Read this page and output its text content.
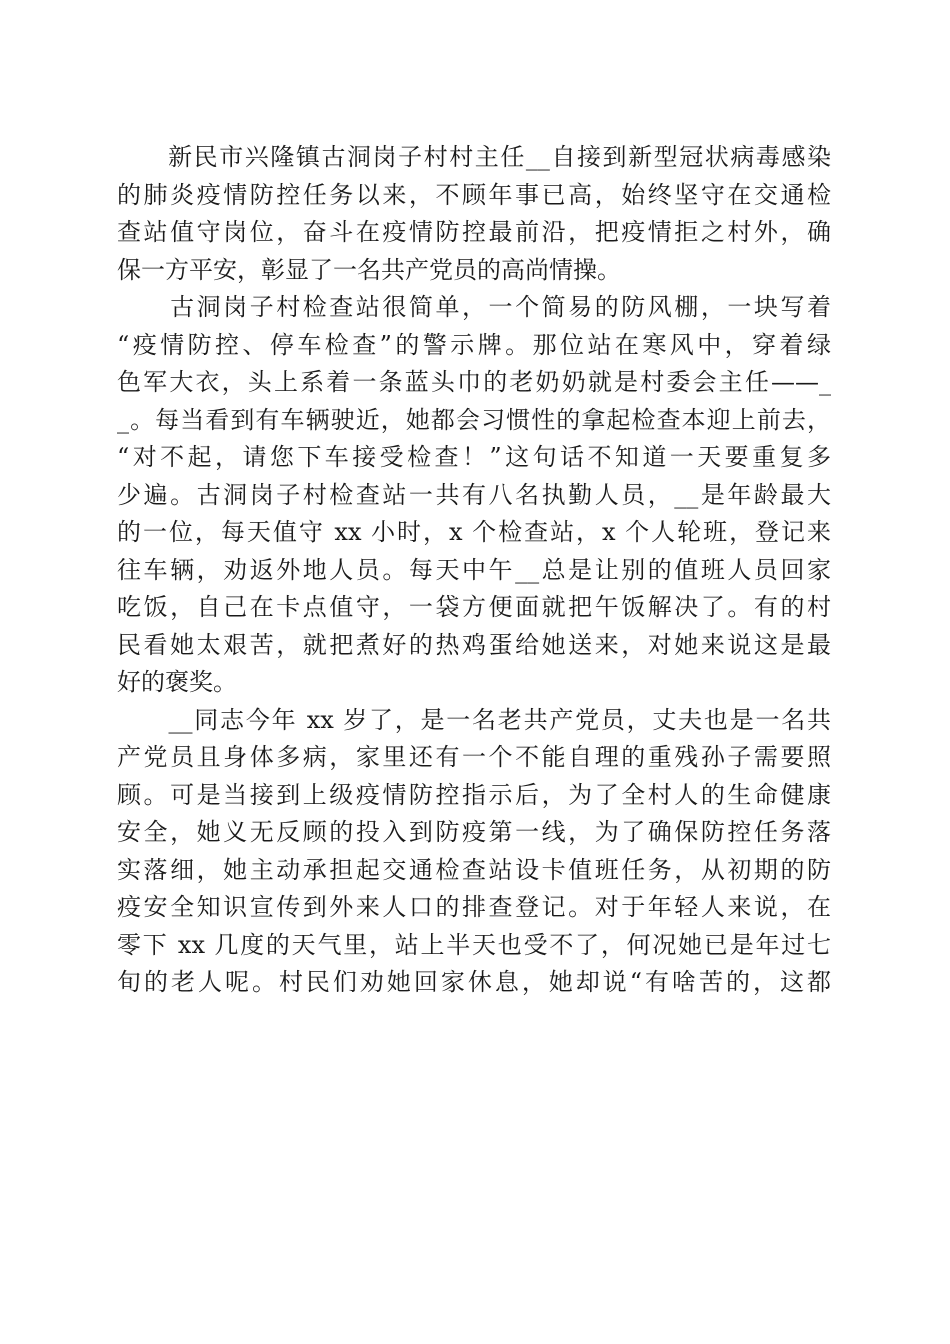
　　新民市兴隆镇古洞岗子村村主任__自接到新型冠状病毒感染
的肺炎疫情防控任务以来，不顾年事已高，始终坚守在交通检
查站值守岗位，奋斗在疫情防控最前沿，把疫情拒之村外，确
保一方平安，彰显了一名共产党员的高尚情操。
　　古洞岗子村检查站很简单，一个简易的防风棚，一块写着
“疫情防控、停车检查”的警示牌。那位站在寒风中，穿着绿
色军大衣，头上系着一条蓝头巾的老奶奶就是村委会主任——_
_。每当看到有车辆驶近，她都会习惯性的拿起检查本迎上前去，
“对不起，请您下车接受检查！”这句话不知道一天要重复多
少遍。古洞岗子村检查站一共有八名执勤人员，__是年龄最大
的一位，每天值守 xx 小时，x 个检查站，x 个人轮班，登记来
往车辆，劝返外地人员。每天中午__总是让别的值班人员回家
吃饭，自己在卡点值守，一袋方便面就把午饭解决了。有的村
民看她太艰苦，就把煮好的热鸡蛋给她送来，对她来说这是最
好的褒奖。
　　__同志今年 xx 岁了，是一名老共产党员，丈夫也是一名共
产党员且身体多病，家里还有一个不能自理的重残孙子需要照
顾。可是当接到上级疫情防控指示后，为了全村人的生命健康
安全，她义无反顾的投入到防疫第一线，为了确保防控任务落
实落细，她主动承担起交通检查站设卡值班任务，从初期的防
疫安全知识宣传到外来人口的排查登记。对于年轻人来说，在
零下 xx 几度的天气里，站上半天也受不了，何况她已是年过七
旬的老人呢。村民们劝她回家休息，她却说“有啥苦的，这都
